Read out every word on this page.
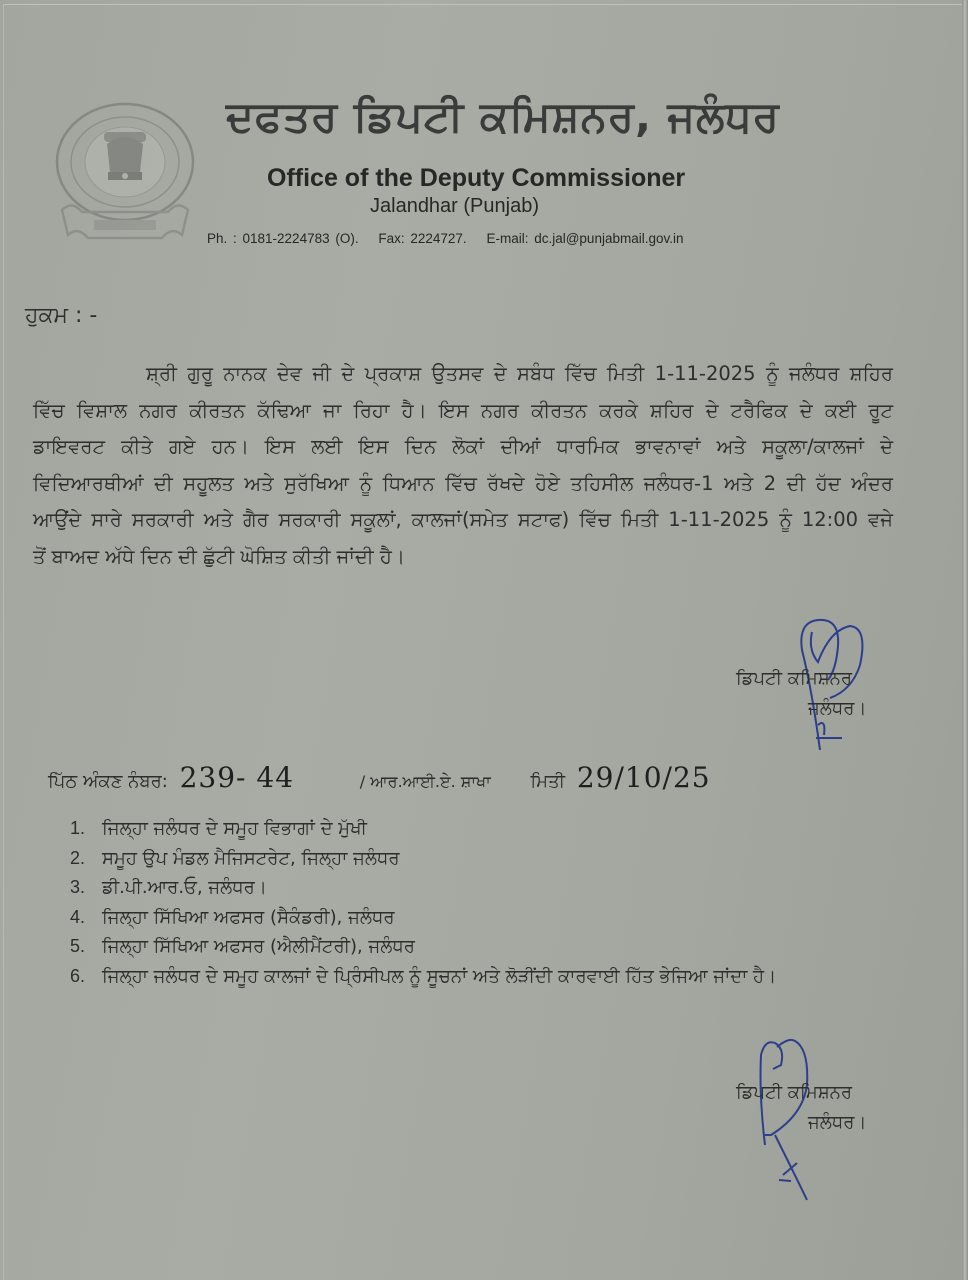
ਦਫਤਰ ਡਿਪਟੀ ਕਮਿਸ਼ਨਰ, ਜਲੰਧਰ
Office of the Deputy Commissioner
Jalandhar (Punjab)
Ph. : 0181-2224783 (O). Fax: 2224727. E-mail: dc.jal@punjabmail.gov.in
ਹੁਕਮ : -
ਸ਼੍ਰੀ ਗੁਰੂ ਨਾਨਕ ਦੇਵ ਜੀ ਦੇ ਪ੍ਰਕਾਸ਼ ਉਤਸਵ ਦੇ ਸਬੰਧ ਵਿੱਚ ਮਿਤੀ 1-11-2025 ਨੂੰ ਜਲੰਧਰ ਸ਼ਹਿਰ
ਵਿੱਚ ਵਿਸ਼ਾਲ ਨਗਰ ਕੀਰਤਨ ਕੱਢਿਆ ਜਾ ਰਿਹਾ ਹੈ। ਇਸ ਨਗਰ ਕੀਰਤਨ ਕਰਕੇ ਸ਼ਹਿਰ ਦੇ ਟਰੈਫਿਕ ਦੇ ਕਈ ਰੂਟ
ਡਾਇਵਰਟ ਕੀਤੇ ਗਏ ਹਨ। ਇਸ ਲਈ ਇਸ ਦਿਨ ਲੋਕਾਂ ਦੀਆਂ ਧਾਰਮਿਕ ਭਾਵਨਾਵਾਂ ਅਤੇ ਸਕੂਲਾ/ਕਾਲਜਾਂ ਦੇ
ਵਿਦਿਆਰਥੀਆਂ ਦੀ ਸਹੂਲਤ ਅਤੇ ਸੁਰੱਖਿਆ ਨੂੰ ਧਿਆਨ ਵਿੱਚ ਰੱਖਦੇ ਹੋਏ ਤਹਿਸੀਲ ਜਲੰਧਰ-1 ਅਤੇ 2 ਦੀ ਹੱਦ ਅੰਦਰ
ਆਉਂਦੇ ਸਾਰੇ ਸਰਕਾਰੀ ਅਤੇ ਗੈਰ ਸਰਕਾਰੀ ਸਕੂਲਾਂ, ਕਾਲਜਾਂ(ਸਮੇਤ ਸਟਾਫ) ਵਿੱਚ ਮਿਤੀ 1-11-2025 ਨੂੰ 12:00 ਵਜੇ
ਤੋਂ ਬਾਅਦ ਅੱਧੇ ਦਿਨ ਦੀ ਛੁੱਟੀ ਘੋਸ਼ਿਤ ਕੀਤੀ ਜਾਂਦੀ ਹੈ।
ਡਿਪਟੀ ਕਮਿਸ਼ਨਰ
ਜਲੰਧਰ।
ਪਿੱਠ ਅੰਕਣ ਨੰਬਰ: 239- 44	/ ਆਰ.ਆਈ.ਏ. ਸ਼ਾਖਾ ਮਿਤੀ 29/10/25
1. ਜਿਲ੍ਹਾ ਜਲੰਧਰ ਦੇ ਸਮੂਹ ਵਿਭਾਗਾਂ ਦੇ ਮੁੱਖੀ
2. ਸਮੂਹ ਉਪ ਮੰਡਲ ਮੈਜਿਸਟਰੇਟ, ਜਿਲ੍ਹਾ ਜਲੰਧਰ
3. ਡੀ.ਪੀ.ਆਰ.ਓ, ਜਲੰਧਰ।
4. ਜਿਲ੍ਹਾ ਸਿੱਖਿਆ ਅਫਸਰ (ਸੈਕੰਡਰੀ), ਜਲੰਧਰ
5. ਜਿਲ੍ਹਾ ਸਿੱਖਿਆ ਅਫਸਰ (ਐਲੀਮੈਂਟਰੀ), ਜਲੰਧਰ
6. ਜਿਲ੍ਹਾ ਜਲੰਧਰ ਦੇ ਸਮੂਹ ਕਾਲਜਾਂ ਦੇ ਪ੍ਰਿੰਸੀਪਲ ਨੂੰ ਸੂਚਨਾਂ ਅਤੇ ਲੋੜੀਂਦੀ ਕਾਰਵਾਈ ਹਿੱਤ ਭੇਜਿਆ ਜਾਂਦਾ ਹੈ।
ਡਿਪਟੀ ਕਮਿਸ਼ਨਰ
ਜਲੰਧਰ।
